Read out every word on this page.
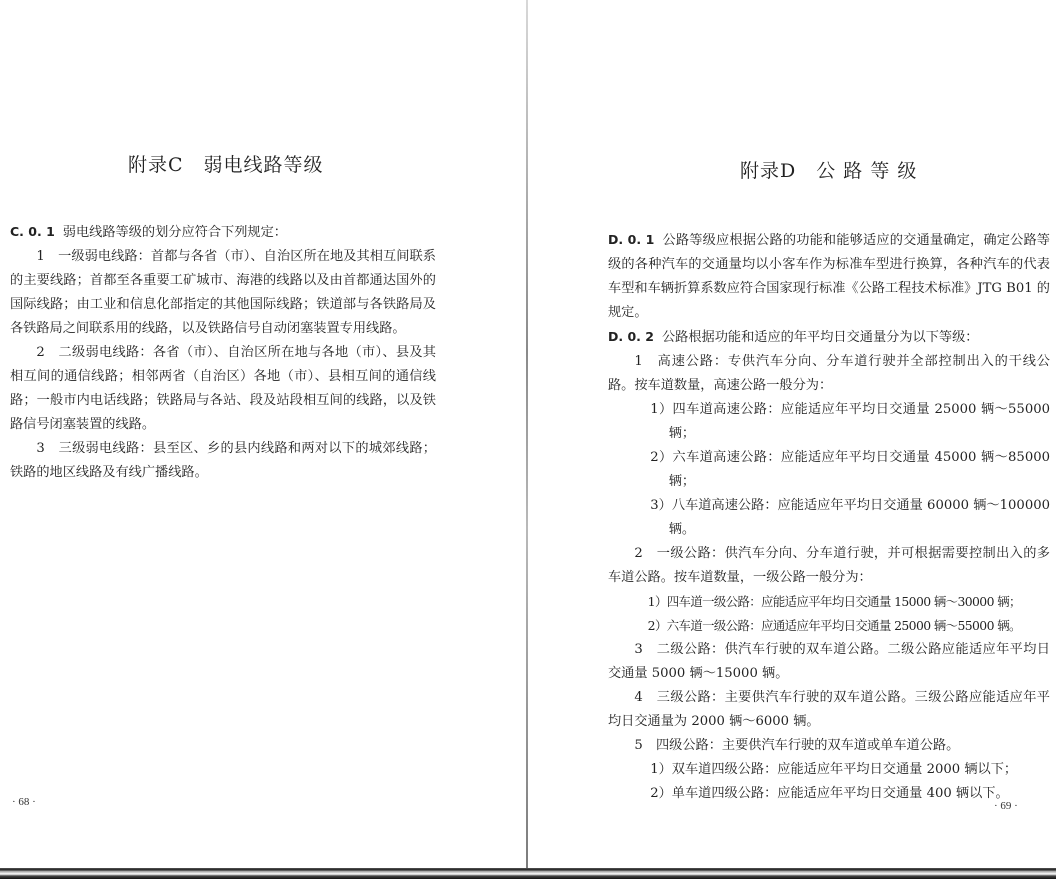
附录C　弱电线路等级

C. 0. 1 弱电线路等级的划分应符合下列规定：

1　一级弱电线路：首都与各省（市）、自治区所在地及其相互间联系的主要线路；首都至各重要工矿城市、海港的线路以及由首都通达国外的国际线路；由工业和信息化部指定的其他国际线路；铁道部与各铁路局及各铁路局之间联系用的线路，以及铁路信号自动闭塞装置专用线路。

2　二级弱电线路：各省（市）、自治区所在地与各地（市）、县及其相互间的通信线路；相邻两省（自治区）各地（市）、县相互间的通信线路；一般市内电话线路；铁路局与各站、段及站段相互间的线路，以及铁路信号闭塞装置的线路。

3　三级弱电线路：县至区、乡的县内线路和两对以下的城郊线路；铁路的地区线路及有线广播线路。

· 68 ·
附录D　公 路 等 级

D. 0. 1 公路等级应根据公路的功能和能够适应的交通量确定，确定公路等级的各种汽车的交通量均以小客车作为标准车型进行换算，各种汽车的代表车型和车辆折算系数应符合国家现行标准《公路工程技术标准》JTG B01 的规定。

D. 0. 2 公路根据功能和适应的年平均日交通量分为以下等级：

1　高速公路：专供汽车分向、分车道行驶并全部控制出入的干线公路。按车道数量，高速公路一般分为：

1）四车道高速公路：应能适应年平均日交通量 25000 辆～55000 辆；

2）六车道高速公路：应能适应年平均日交通量 45000 辆～85000 辆；

3）八车道高速公路：应能适应年平均日交通量 60000 辆～100000 辆。

2　一级公路：供汽车分向、分车道行驶，并可根据需要控制出入的多车道公路。按车道数量，一级公路一般分为：

1）四车道一级公路：应能适应平年均日交通量 15000 辆～30000 辆；

2）六车道一级公路：应通适应年平均日交通量 25000 辆～55000 辆。

3　二级公路：供汽车行驶的双车道公路。二级公路应能适应年平均日交通量 5000 辆～15000 辆。

4　三级公路：主要供汽车行驶的双车道公路。三级公路应能适应年平均日交通量为 2000 辆～6000 辆。

5　四级公路：主要供汽车行驶的双车道或单车道公路。

1）双车道四级公路：应能适应年平均日交通量 2000 辆以下；

2）单车道四级公路：应能适应年平均日交通量 400 辆以下。

· 69 ·
